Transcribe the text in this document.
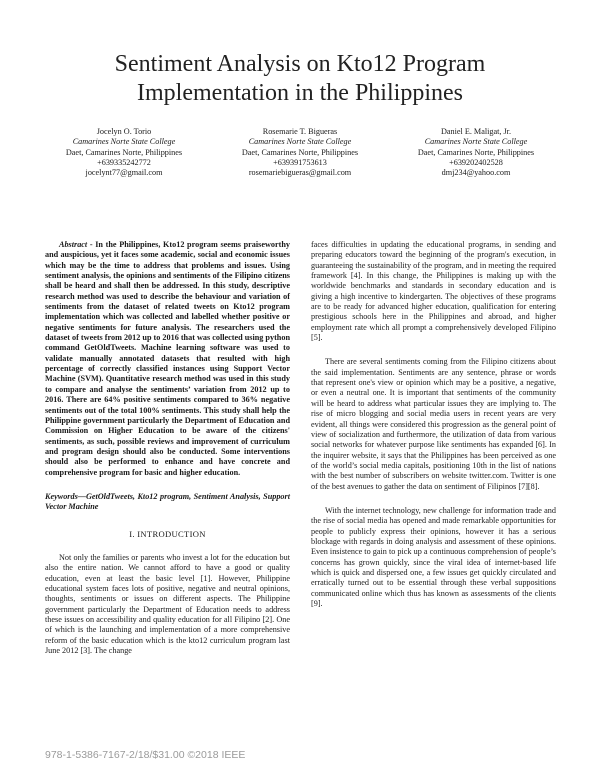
Sentiment Analysis on Kto12 Program
Implementation in the Philippines
Jocelyn O. Torio
Camarines Norte State College
Daet, Camarines Norte, Philippines
+639335242772
jocelynt77@gmail.com
Rosemarie T. Bigueras
Camarines Norte State College
Daet, Camarines Norte, Philippines
+639391753613
rosemariebigueras@gmail.com
Daniel E. Maligat, Jr.
Camarines Norte State College
Daet, Camarines Norte, Philippines
+639202402528
dmj234@yahoo.com
Abstract - In the Philippines, Kto12 program seems praiseworthy and auspicious, yet it faces some academic, social and economic issues which may be the time to address that problems and issues. Using sentiment analysis, the opinions and sentiments of the Filipino citizens shall be heard and shall then be addressed. In this study, descriptive research method was used to describe the behaviour and variation of sentiments from the dataset of related tweets on Kto12 program implementation which was collected and labelled whether positive or negative sentiments for future analysis. The researchers used the dataset of tweets from 2012 up to 2016 that was collected using python command GetOldTweets. Machine learning software was used to validate manually annotated datasets that resulted with high percentage of correctly classified instances using Support Vector Machine (SVM). Quantitative research method was used in this study to compare and analyse the sentiments’ variation from 2012 up to 2016. There are 64% positive sentiments compared to 36% negative sentiments out of the total 100% sentiments. This study shall help the Philippine government particularly the Department of Education and Commission on Higher Education to be aware of the citizens' sentiments, as such, possible reviews and improvement of curriculum and program design should also be conducted. Some interventions should also be performed to enhance and have concrete and comprehensive program for basic and higher education.
Keywords—GetOldTweets, Kto12 program, Sentiment Analysis, Support Vector Machine
I. INTRODUCTION
Not only the families or parents who invest a lot for the education but also the entire nation. We cannot afford to have a good or quality education, even at least the basic level [1]. However, Philippine educational system faces lots of positive, negative and neutral opinions, thoughts, sentiments or issues on different aspects. The Philippine government particularly the Department of Education needs to address these issues on accessibility and quality education for all Filipino [2]. One of which is the launching and implementation of a more comprehensive reform of the basic education which is the kto12 curriculum program last June 2012 [3]. The change
faces difficulties in updating the educational programs, in sending and preparing educators toward the beginning of the program's execution, in guaranteeing the sustainability of the program, and in meeting the required framework [4]. In this change, the Philippines is making up with the worldwide benchmarks and standards in secondary education and is giving a high incentive to kindergarten. The objectives of these programs are to be ready for advanced higher education, qualification for entering prestigious schools here in the Philippines and abroad, and higher employment rate which all prompt a comprehensively developed Filipino [5].
There are several sentiments coming from the Filipino citizens about the said implementation. Sentiments are any sentence, phrase or words that represent one's view or opinion which may be a positive, a negative, or even a neutral one. It is important that sentiments of the community will be heard to address what particular issues they are implying to. The rise of micro blogging and social media users in recent years are very evident, all things were considered this progression as the general point of view of socialization and furthermore, the utilization of data from various social networks for whatever purpose like sentiments has expanded [6]. In the inquirer website, it says that the Philippines has been perceived as one of the world’s social media capitals, positioning 10th in the list of nations with the best number of subscribers on website twitter.com. Twitter is one of the best avenues to gather the data on sentiment of Filipinos [7][8].
With the internet technology, new challenge for information trade and the rise of social media has opened and made remarkable opportunities for people to publicly express their opinions, however it has a serious blockage with regards in doing analysis and assessment of these opinions. Even insistence to gain to pick up a continuous comprehension of people’s concerns has grown quickly, since the viral idea of internet-based life which is quick and dispersed one, a few issues get quickly circulated and erratically turned out to be essential through these verbal suppositions communicated online which thus has known as assessments of the clients [9].
978-1-5386-7167-2/18/$31.00 ©2018 IEEE
